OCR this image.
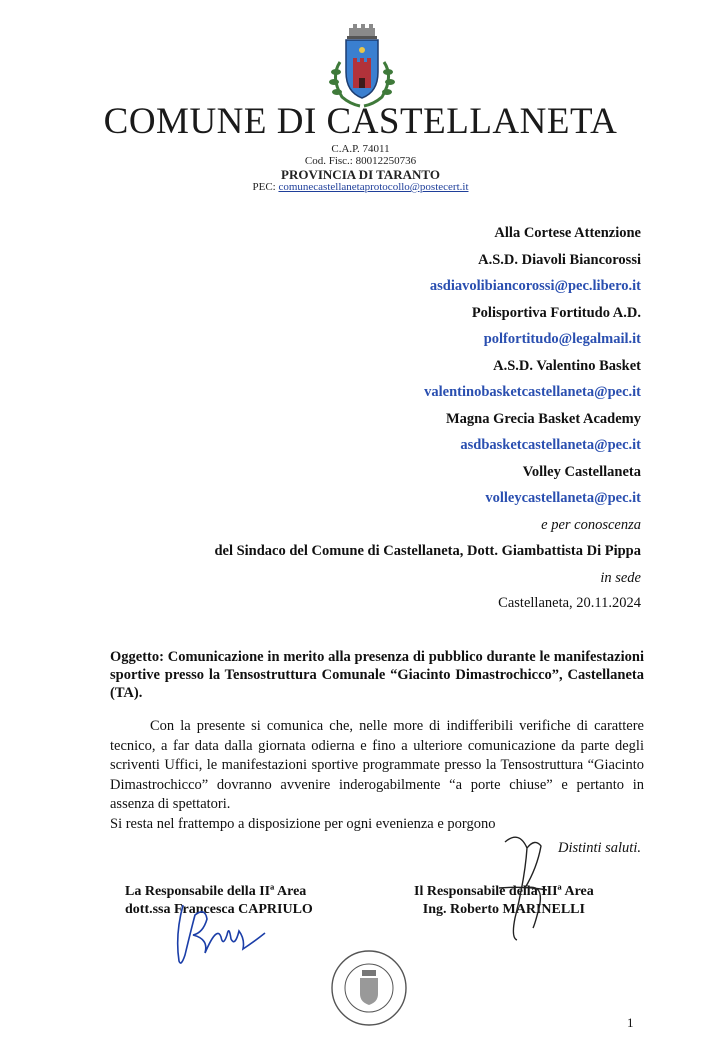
COMUNE DI CASTELLANETA
C.A.P. 74011
Cod. Fisc.: 80012250736
PROVINCIA DI TARANTO
PEC: comunecastellanetaprotocollo@postecert.it
Alla Cortese Attenzione
A.S.D. Diavoli Biancorossi
asdiavolibiancorossi@pec.libero.it
Polisportiva Fortitudo A.D.
polfortitudo@legalmail.it
A.S.D. Valentino Basket
valentinobasketcastellaneta@pec.it
Magna Grecia Basket Academy
asdbasketcastellaneta@pec.it
Volley Castellaneta
volleycastellaneta@pec.it
e per conoscenza
del Sindaco del Comune di Castellaneta, Dott. Giambattista Di Pippa
in sede
Castellaneta, 20.11.2024
Oggetto: Comunicazione in merito alla presenza di pubblico durante le manifestazioni sportive presso la Tensostruttura Comunale “Giacinto Dimastrochicco”, Castellaneta (TA).

Con la presente si comunica che, nelle more di indifferibili verifiche di carattere tecnico, a far data dalla giornata odierna e fino a ulteriore comunicazione da parte degli scriventi Uffici, le manifestazioni sportive programmate presso la Tensostruttura “Giacinto Dimastrochicco” dovranno avvenire inderogabilmente “a porte chiuse” e pertanto in assenza di spettatori.

Si resta nel frattempo a disposizione per ogni evenienza e porgono

Distinti saluti.
La Responsabile della IIª Area
dott.ssa Francesca CAPRIULO
Il Responsabile della IIIª Area
Ing. Roberto MARINELLI
1
